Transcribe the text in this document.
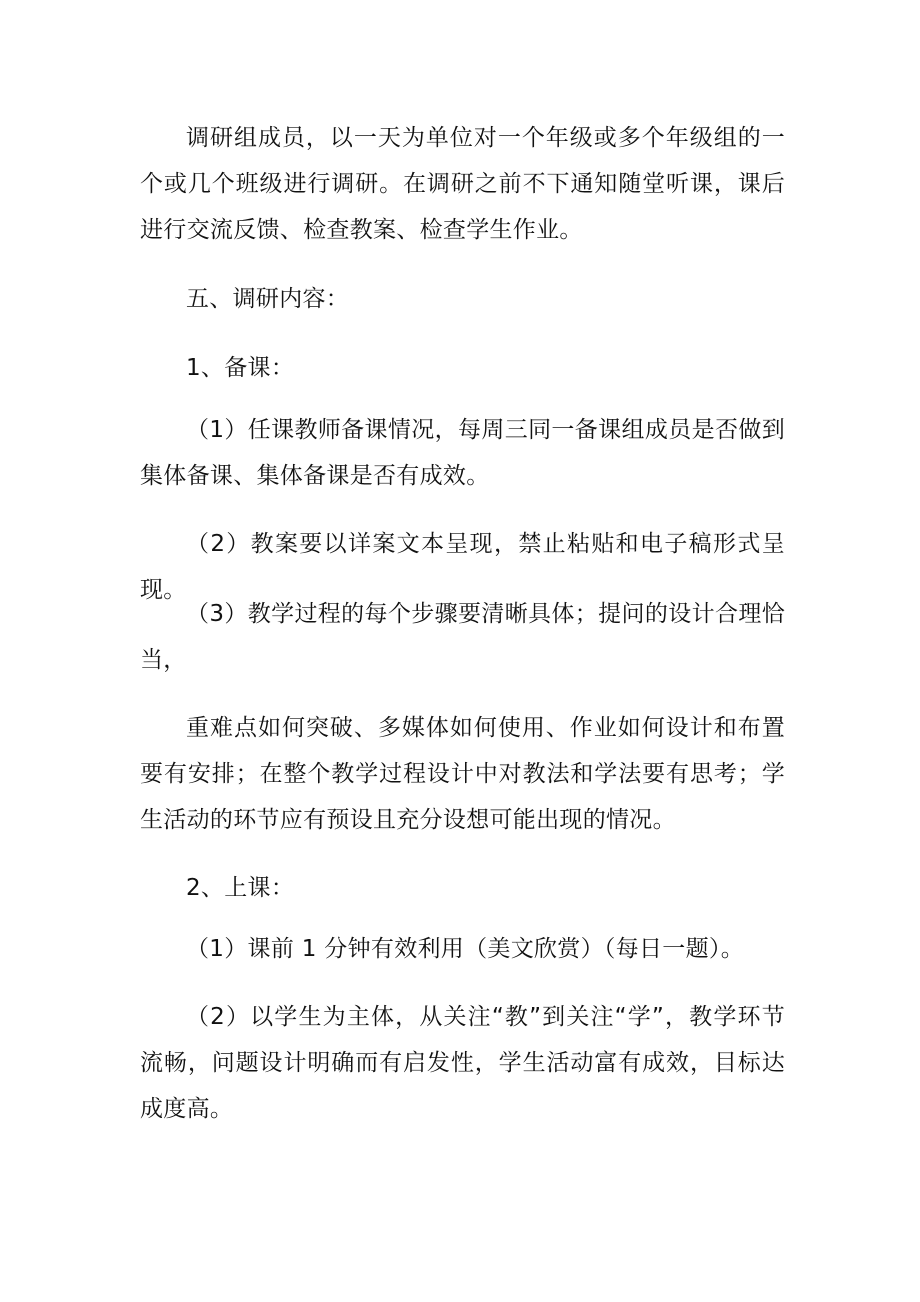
调研组成员，以一天为单位对一个年级或多个年级组的一个或几个班级进行调研。在调研之前不下通知随堂听课，课后进行交流反馈、检查教案、检查学生作业。

五、调研内容：

1、备课：

（1）任课教师备课情况，每周三同一备课组成员是否做到集体备课、集体备课是否有成效。

（2）教案要以详案文本呈现，禁止粘贴和电子稿形式呈现。

（3）教学过程的每个步骤要清晰具体；提问的设计合理恰当，

重难点如何突破、多媒体如何使用、作业如何设计和布置要有安排；在整个教学过程设计中对教法和学法要有思考；学生活动的环节应有预设且充分设想可能出现的情况。

2、上课：

（1）课前 1 分钟有效利用（美文欣赏）（每日一题）。

（2）以学生为主体，从关注“教”到关注“学”，教学环节流畅，问题设计明确而有启发性，学生活动富有成效，目标达成度高。
